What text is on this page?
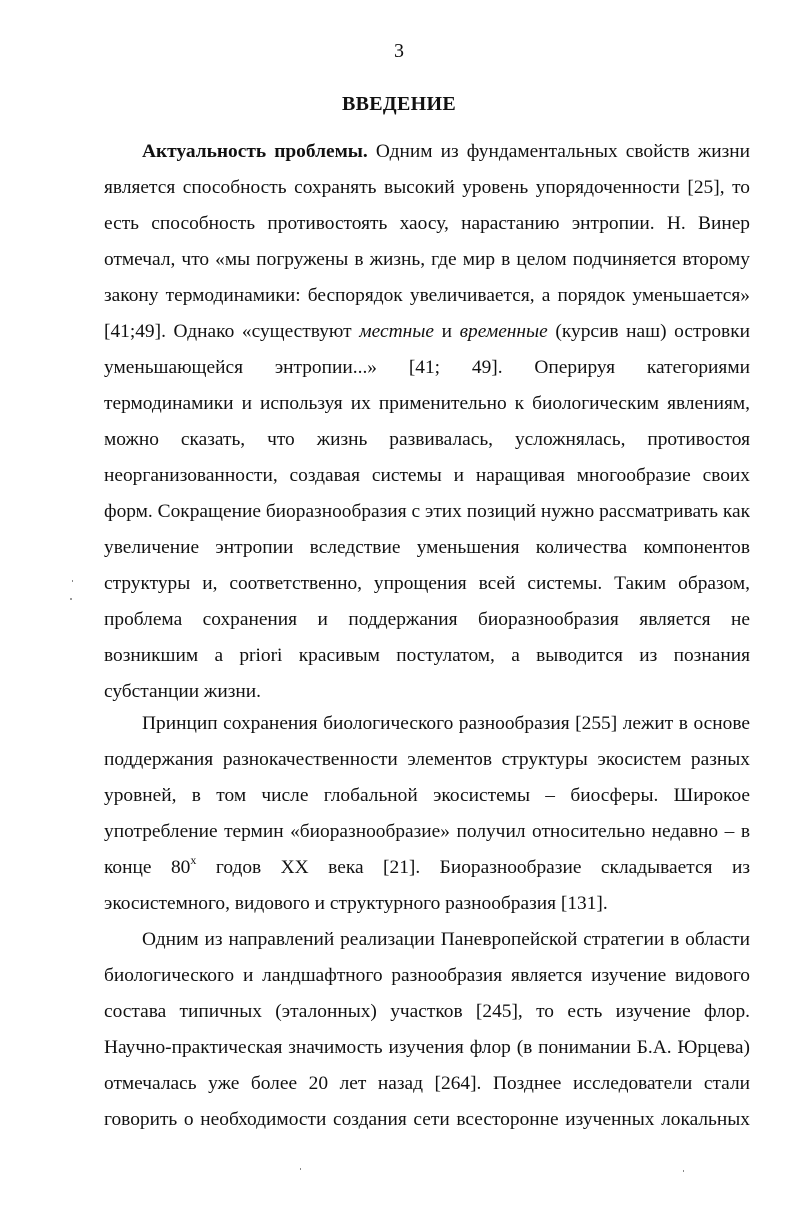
3
ВВЕДЕНИЕ
Актуальность проблемы. Одним из фундаментальных свойств жизни
является способность сохранять высокий уровень упорядоченности [25], то
есть способность противостоять хаосу, нарастанию энтропии. Н. Винер
отмечал, что «мы погружены в жизнь, где мир в целом подчиняется второму
закону термодинамики: беспорядок увеличивается, а порядок уменьшается»
[41;49]. Однако «существуют местные и временные (курсив наш) островки
уменьшающейся энтропии...» [41; 49]. Оперируя категориями
термодинамики и используя их применительно к биологическим явлениям,
можно сказать, что жизнь развивалась, усложнялась, противостоя
неорганизованности, создавая системы и наращивая многообразие своих
форм. Сокращение биоразнообразия с этих позиций нужно рассматривать как
увеличение энтропии вследствие уменьшения количества компонентов
структуры и, соответственно, упрощения всей системы. Таким образом,
проблема сохранения и поддержания биоразнообразия является не
возникшим а priori красивым постулатом, а выводится из познания
субстанции жизни.
Принцип сохранения биологического разнообразия [255] лежит в основе
поддержания разнокачественности элементов структуры экосистем разных
уровней, в том числе глобальной экосистемы – биосферы. Широкое
употребление термин «биоразнообразие» получил относительно недавно – в
конце $80^х$ годов XX века [21]. Биоразнообразие складывается из
экосистемного, видового и структурного разнообразия [131].
Одним из направлений реализации Паневропейской стратегии в области
биологического и ландшафтного разнообразия является изучение видового
состава типичных (эталонных) участков [245], то есть изучение флор.
Научно-практическая значимость изучения флор (в понимании Б.А. Юрцева)
отмечалась уже более 20 лет назад [264]. Позднее исследователи стали
говорить о необходимости создания сети всесторонне изученных локальных
